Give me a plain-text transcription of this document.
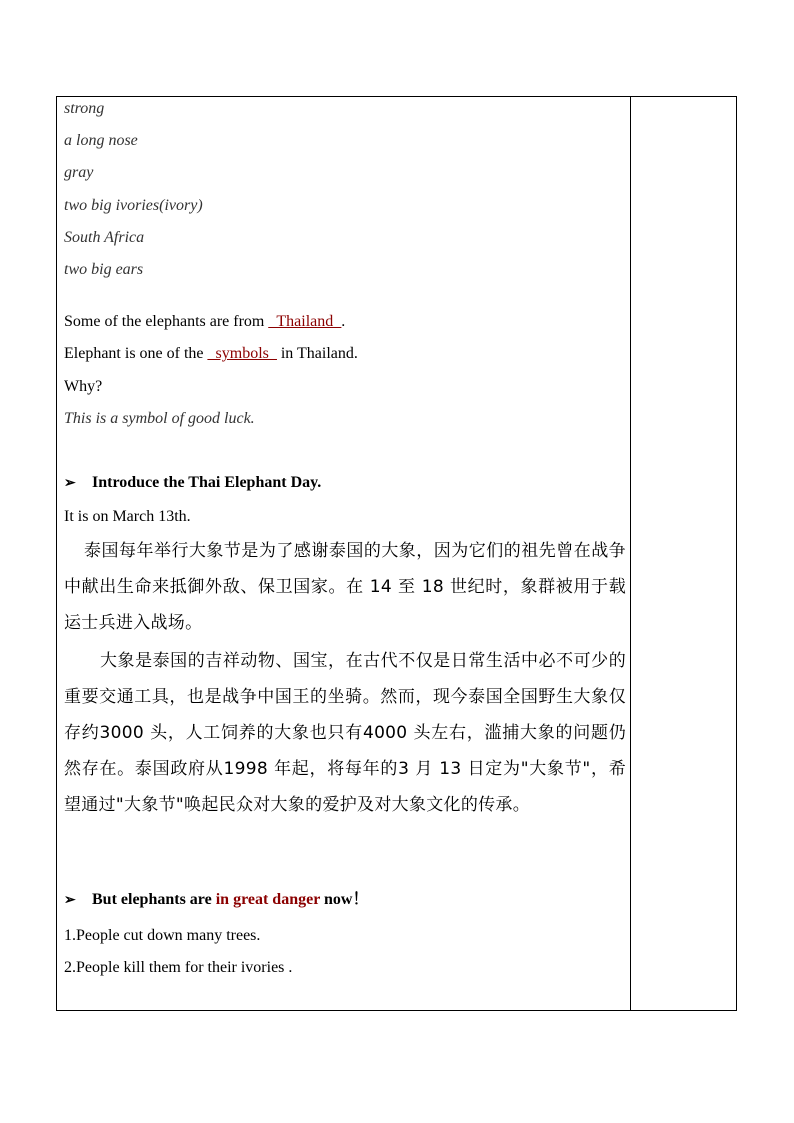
strong
a long nose
gray
two big ivories(ivory)
South Africa
two big ears
Some of the elephants are from _Thailand_.
Elephant is one of the _symbols_ in Thailand.
Why?
This is a symbol of good luck.
➢ Introduce the Thai Elephant Day.
It is on March 13th.
泰国每年举行大象节是为了感谢泰国的大象，因为它们的祖先曾在战争中献出生命来抵御外敌、保卫国家。在 14 至 18 世纪时，象群被用于载运士兵进入战场。
大象是泰国的吉祥动物、国宝，在古代不仅是日常生活中必不可少的重要交通工具，也是战争中国王的坐骑。然而，现今泰国全国野生大象仅存约3000 头，人工饲养的大象也只有4000 头左右，滥捕大象的问题仍然存在。泰国政府从1998 年起，将每年的3 月 13 日定为"大象节"，希望通过"大象节"唤起民众对大象的爱护及对大象文化的传承。
➢ But elephants are in great danger now！
1.People cut down many trees.
2.People kill them for their ivories .
